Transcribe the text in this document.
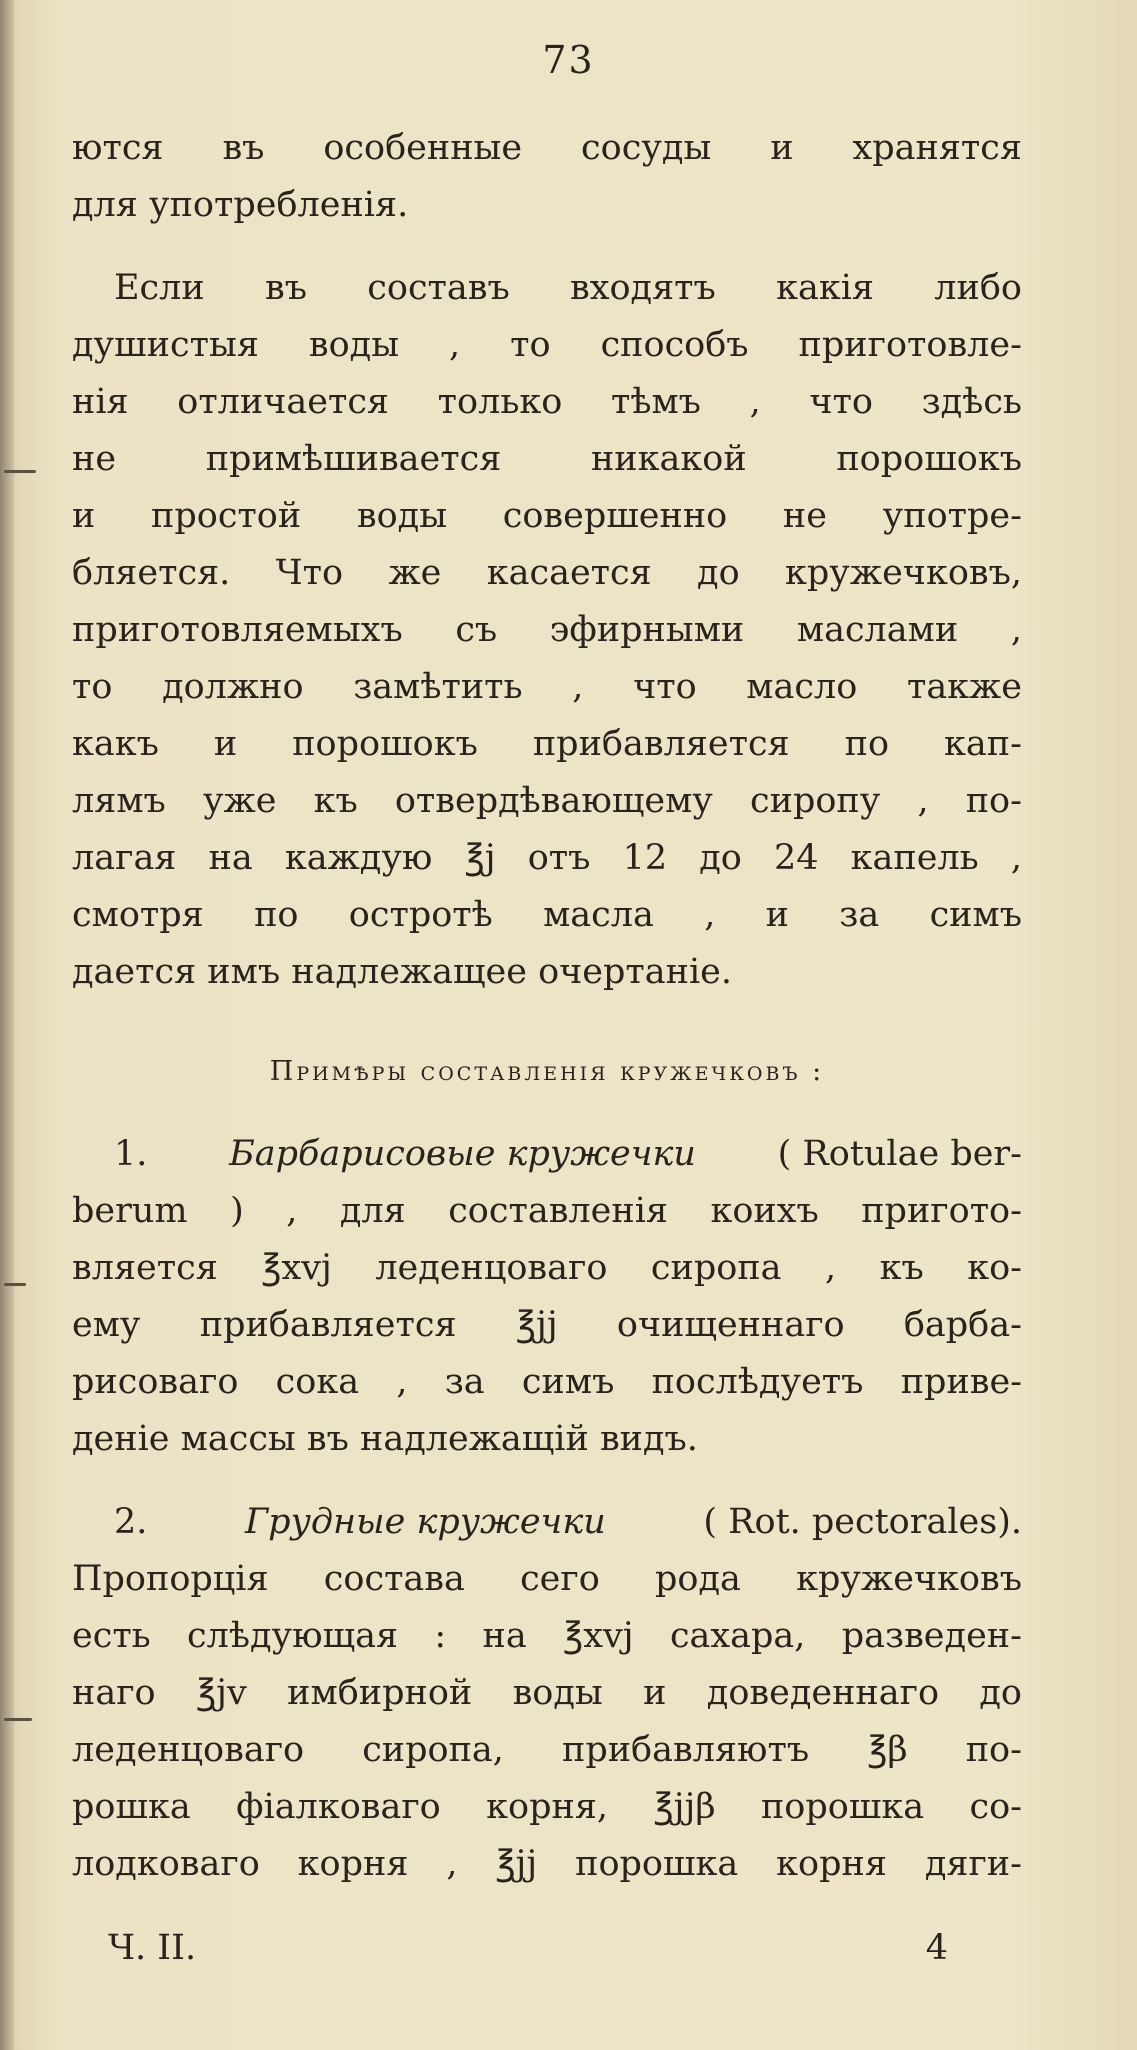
73
ются въ особенные сосуды и хранятся
для употребленія.
Если въ составъ входятъ какія либо
душистыя воды , то способъ приготовле-
нія отличается только тѣмъ , что здѣсь
не	примѣшивается	никакой	порошокъ
и простой воды совершенно не употре-
бляется. Что же касается до кружечковъ,
приготовляемыхъ съ эфирными маслами ,
то должно замѣтить , что масло также
какъ и порошокъ прибавляется по кап-
лямъ уже къ отвердѣвающему сиропу , по-
лагая на каждую ℥j отъ 12 до 24 капель ,
смотря по остротѣ масла , и за симъ
дается имъ надлежащее очертаніе.
Примѣры составленія кружечковъ :
1. Барбарисовые кружечки ( Rotulae ber-
berum ) , для составленія коихъ пригото-
вляется ℥xvj леденцоваго сиропа , къ ко-
ему прибавляется ℥jj очищеннаго барба-
рисоваго сока , за симъ послѣдуетъ приве-
деніе массы въ надлежащій видъ.
2.	Грудные кружечки	( Rot. pectorales).
Пропорція состава сего рода кружечковъ
есть слѣдующая : на ℥xvj сахара, разведен-
наго ℥jv имбирной воды и доведеннаго до
леденцоваго сиропа, прибавляютъ ℥β по-
рошка фіалковаго корня, ℥jjβ порошка со-
лодковаго корня , ℥jj порошка корня дяги-
Ч. II.	4
